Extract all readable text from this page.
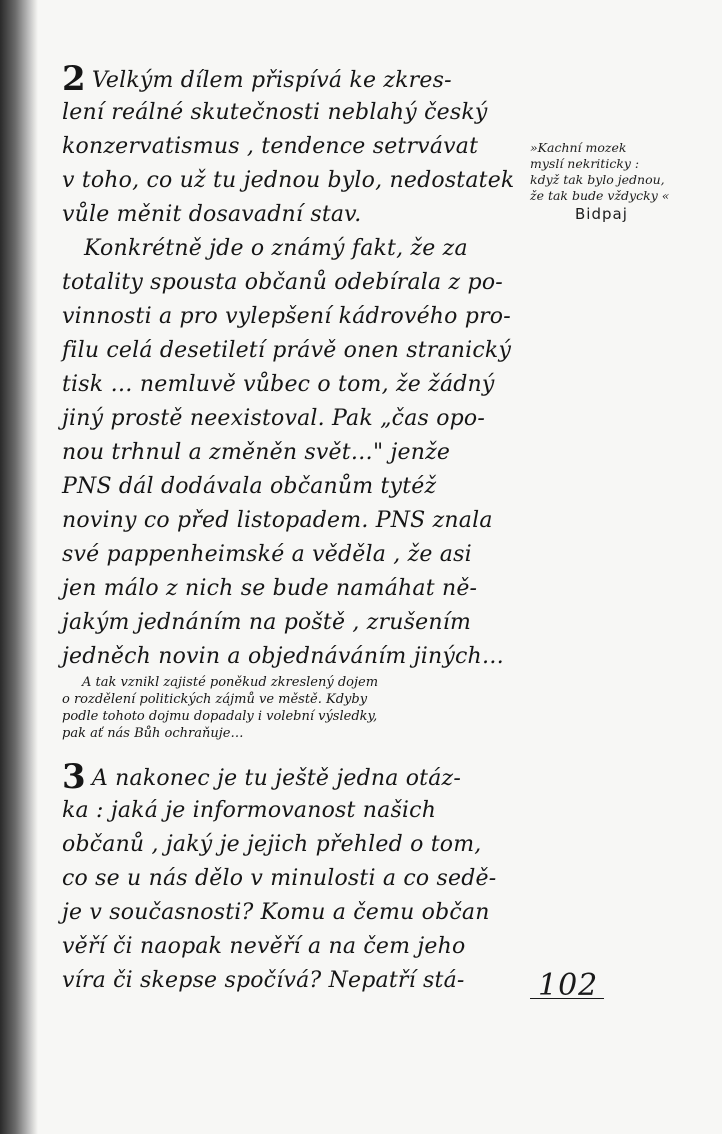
2 Velkým dílem přispívá ke zkres-
lení reálné skutečnosti neblahý český
konzervatismus , tendence setrvávat
v toho, co už tu jednou bylo, nedostatek
vůle měnit dosavadní stav.
Konkrétně jde o známý fakt, že za
totality spousta občanů odebírala z po-
vinnosti a pro vylepšení kádrového pro-
filu celá desetiletí právě onen stranický
tisk … nemluvě vůbec o tom, že žádný
jiný prostě neexistoval. Pak „čas opo-
nou trhnul a změněn svět…" jenže
PNS dál dodávala občanům tytéž
noviny co před listopadem. PNS znala
své pappenheimské a věděla , že asi
jen málo z nich se bude namáhat ně-
jakým jednáním na poště , zrušením
jedněch novin a objednáváním jiných…
A tak vznikl zajisté poněkud zkreslený dojem
o rozdělení politických zájmů ve městě. Kdyby
podle tohoto dojmu dopadaly i volební výsledky,
pak ať nás Bůh ochraňuje…
3 A nakonec je tu ještě jedna otáz-
ka : jaká je informovanost našich
občanů , jaký je jejich přehled o tom,
co se u nás dělo v minulosti a co sedě-
je v současnosti? Komu a čemu občan
věří či naopak nevěří a na čem jeho
víra či skepse spočívá? Nepatří stá-
»Kachní mozek
myslí nekriticky :
když tak bylo jednou,
že tak bude vždycky «
Bidpaj
102
